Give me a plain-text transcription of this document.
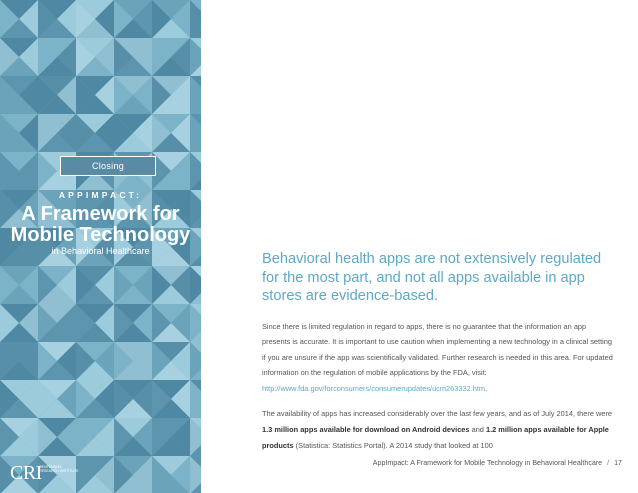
Closing
APPIMPACT:
A Framework for
Mobile Technology
in Behavioral Healthcare
CRI
CENTENNIAL RESEARCH INSTITUTE
Behavioral health apps are not extensively regulated for the most part, and not all apps available in app stores are evidence-based.

Since there is limited regulation in regard to apps, there is no guarantee that the information an app presents is accurate. It is important to use caution when implementing a new technology in a clinical setting if you are unsure if the app was scientifically validated. Further research is needed in this area. For updated information on the regulation of mobile applications by the FDA, visit: http://www.fda.gov/forconsumers/consumerupdates/ucm263332.htm.

The availability of apps has increased considerably over the last few years, and as of July 2014, there were 1.3 million apps available for download on Android devices and 1.2 million apps available for Apple products (Statistica: Statistics Portal). A 2014 study that looked at 100

AppImpact: A Framework for Mobile Technology in Behavioral Healthcare / 17
